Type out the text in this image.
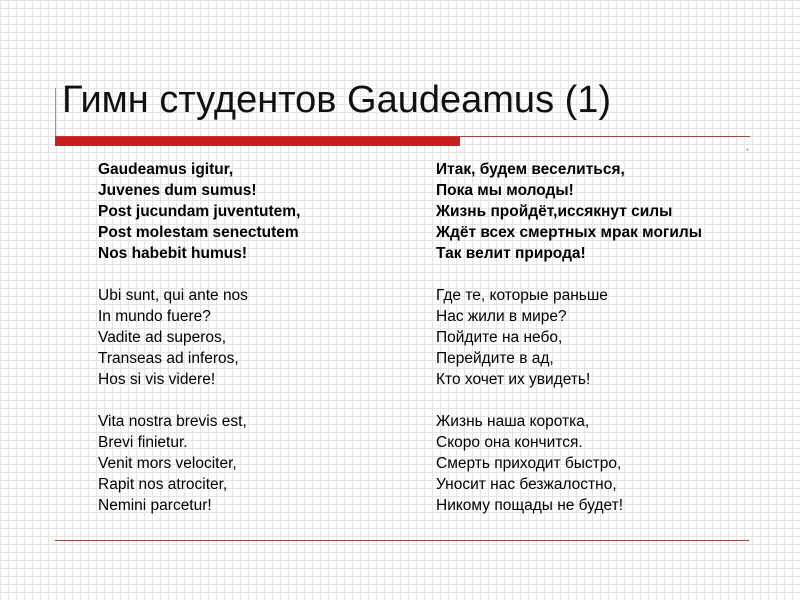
Гимн студентов Gaudeamus (1)
▪
Gaudeamus igitur,
Juvenes dum sumus!
Post jucundam juventutem,
Post molestam senectutem
Nos habebit humus!
Ubi sunt, qui ante nos
In mundo fuere?
Vadite ad superos,
Transeas ad inferos,
Hos si vis videre!
Vita nostra brevis est,
Brevi finietur.
Venit mors velociter,
Rapit nos atrociter,
Nemini parcetur!
Итак, будем веселиться,
Пока мы молоды!
Жизнь пройдёт,иссякнут силы
Ждёт всех смертных мрак могилы
Так велит природа!
Где те, которые раньше
Нас жили в мире?
Пойдите на небо,
Перейдите в ад,
Кто хочет их увидеть!
Жизнь наша коротка,
Скоро она кончится.
Смерть приходит быстро,
Уносит нас безжалостно,
Никому пощады не будет!
